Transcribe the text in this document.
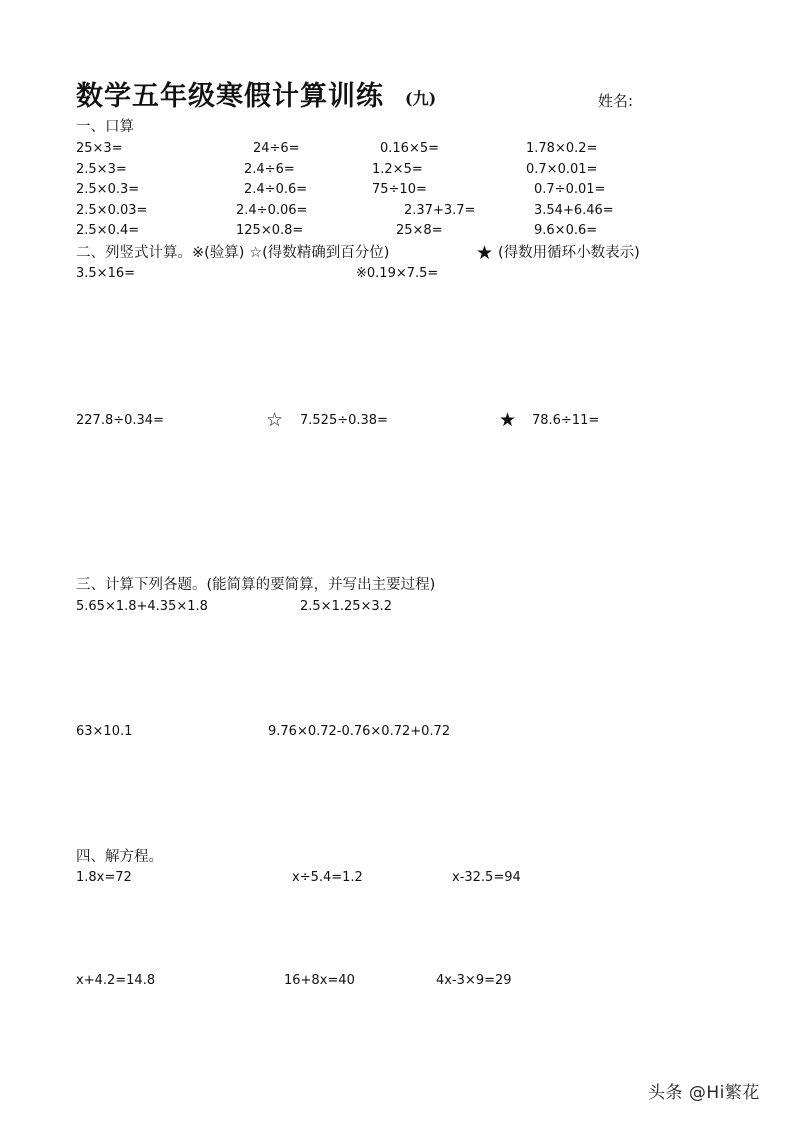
数学五年级寒假计算训练 (九)	姓名:
一、口算
25×3=	24÷6=	0.16×5=	1.78×0.2=
2.5×3=	2.4÷6=	1.2×5=	0.7×0.01=
2.5×0.3=	2.4÷0.6=	75÷10=	0.7÷0.01=
2.5×0.03=	2.4÷0.06=	2.37+3.7=	3.54+6.46=
2.5×0.4=	125×0.8=	25×8=	9.6×0.6=
二、列竖式计算。※(验算) ☆(得数精确到百分位)	★ (得数用循环小数表示)
3.5×16=	※0.19×7.5=
227.8÷0.34=	☆ 7.525÷0.38=	★ 78.6÷11=
三、计算下列各题。(能简算的要简算，并写出主要过程)
5.65×1.8+4.35×1.8	2.5×1.25×3.2
63×10.1	9.76×0.72-0.76×0.72+0.72
四、解方程。
1.8x=72	x÷5.4=1.2	x-32.5=94
x+4.2=14.8	16+8x=40	4x-3×9=29
头条 @Hi繁花
